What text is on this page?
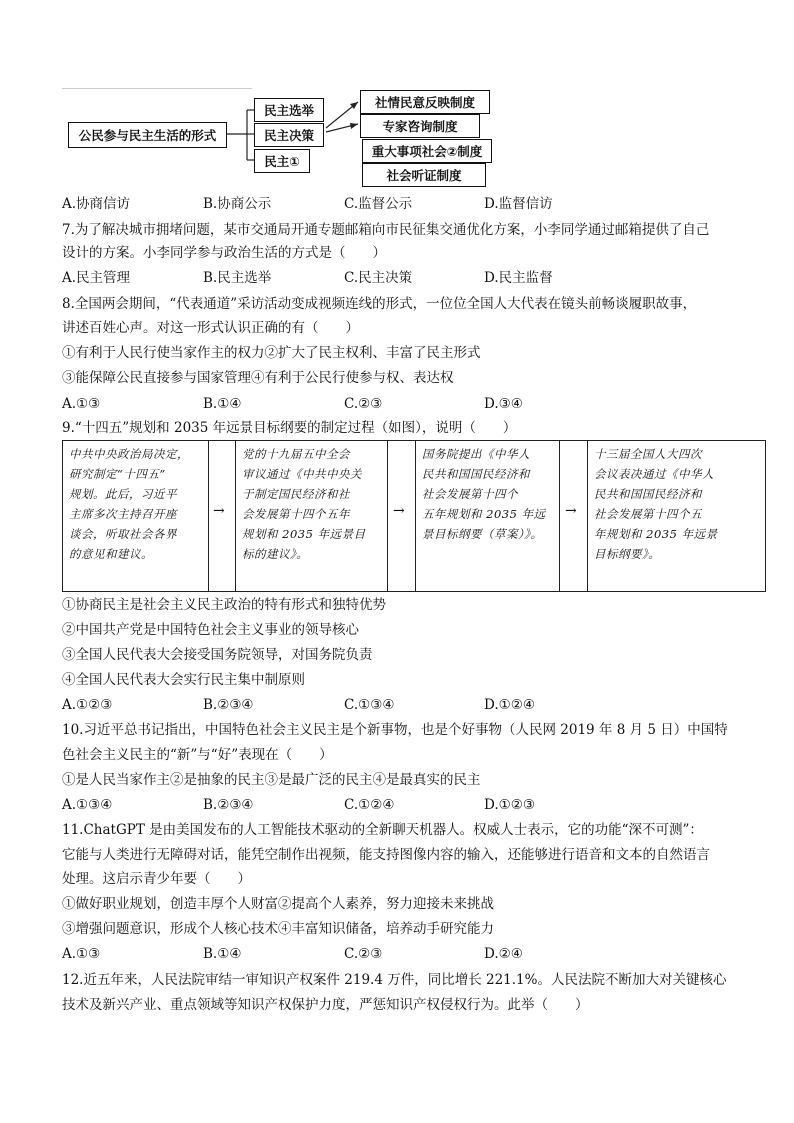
公民参与民主生活的形式
民主选举
民主决策
民主①
社情民意反映制度
专家咨询制度
重大事项社会②制度
社会听证制度
A.协商信访	B.协商公示	C.监督公示	D.监督信访
7.为了解决城市拥堵问题，某市交通局开通专题邮箱向市民征集交通优化方案，小李同学通过邮箱提供了自己
设计的方案。小李同学参与政治生活的方式是（　　）
A.民主管理	B.民主选举	C.民主决策	D.民主监督
8.全国两会期间，“代表通道”采访活动变成视频连线的形式，一位位全国人大代表在镜头前畅谈履职故事，
讲述百姓心声。对这一形式认识正确的有（　　）
①有利于人民行使当家作主的权力②扩大了民主权利、丰富了民主形式
③能保障公民直接参与国家管理④有利于公民行使参与权、表达权
A.①③	B.①④	C.②③	D.③④
9.“十四五”规划和 2035 年远景目标纲要的制定过程（如图），说明（　　）
中共中央政治局决定，
研究制定“十四五”
规划。此后，习近平
主席多次主持召开座
谈会，听取社会各界
的意见和建议。
→
党的十九届五中全会
审议通过《中共中央关
于制定国民经济和社
会发展第十四个五年
规划和 2035 年远景目
标的建议》。
→
国务院提出《中华人
民共和国国民经济和
社会发展第十四个
五年规划和 2035 年远
景目标纲要（草案）》。
→
十三届全国人大四次
会议表决通过《中华人
民共和国国民经济和
社会发展第十四个五
年规划和 2035 年远景
目标纲要》。
①协商民主是社会主义民主政治的特有形式和独特优势
②中国共产党是中国特色社会主义事业的领导核心
③全国人民代表大会接受国务院领导，对国务院负责
④全国人民代表大会实行民主集中制原则
A.①②③	B.②③④	C.①③④	D.①②④
10.习近平总书记指出，中国特色社会主义民主是个新事物，也是个好事物（人民网 2019 年 8 月 5 日）中国特
色社会主义民主的“新”与“好”表现在（　　）
①是人民当家作主②是抽象的民主③是最广泛的民主④是最真实的民主
A.①③④	B.②③④	C.①②④	D.①②③
11.ChatGPT 是由美国发布的人工智能技术驱动的全新聊天机器人。权威人士表示，它的功能“深不可测”：
它能与人类进行无障碍对话，能凭空制作出视频，能支持图像内容的输入，还能够进行语音和文本的自然语言
处理。这启示青少年要（　　）
①做好职业规划，创造丰厚个人财富②提高个人素养，努力迎接未来挑战
③增强问题意识，形成个人核心技术④丰富知识储备，培养动手研究能力
A.①③	B.①④	C.②③	D.②④
12.近五年来，人民法院审结一审知识产权案件 219.4 万件，同比增长 221.1%。人民法院不断加大对关键核心
技术及新兴产业、重点领域等知识产权保护力度，严惩知识产权侵权行为。此举（　　）
